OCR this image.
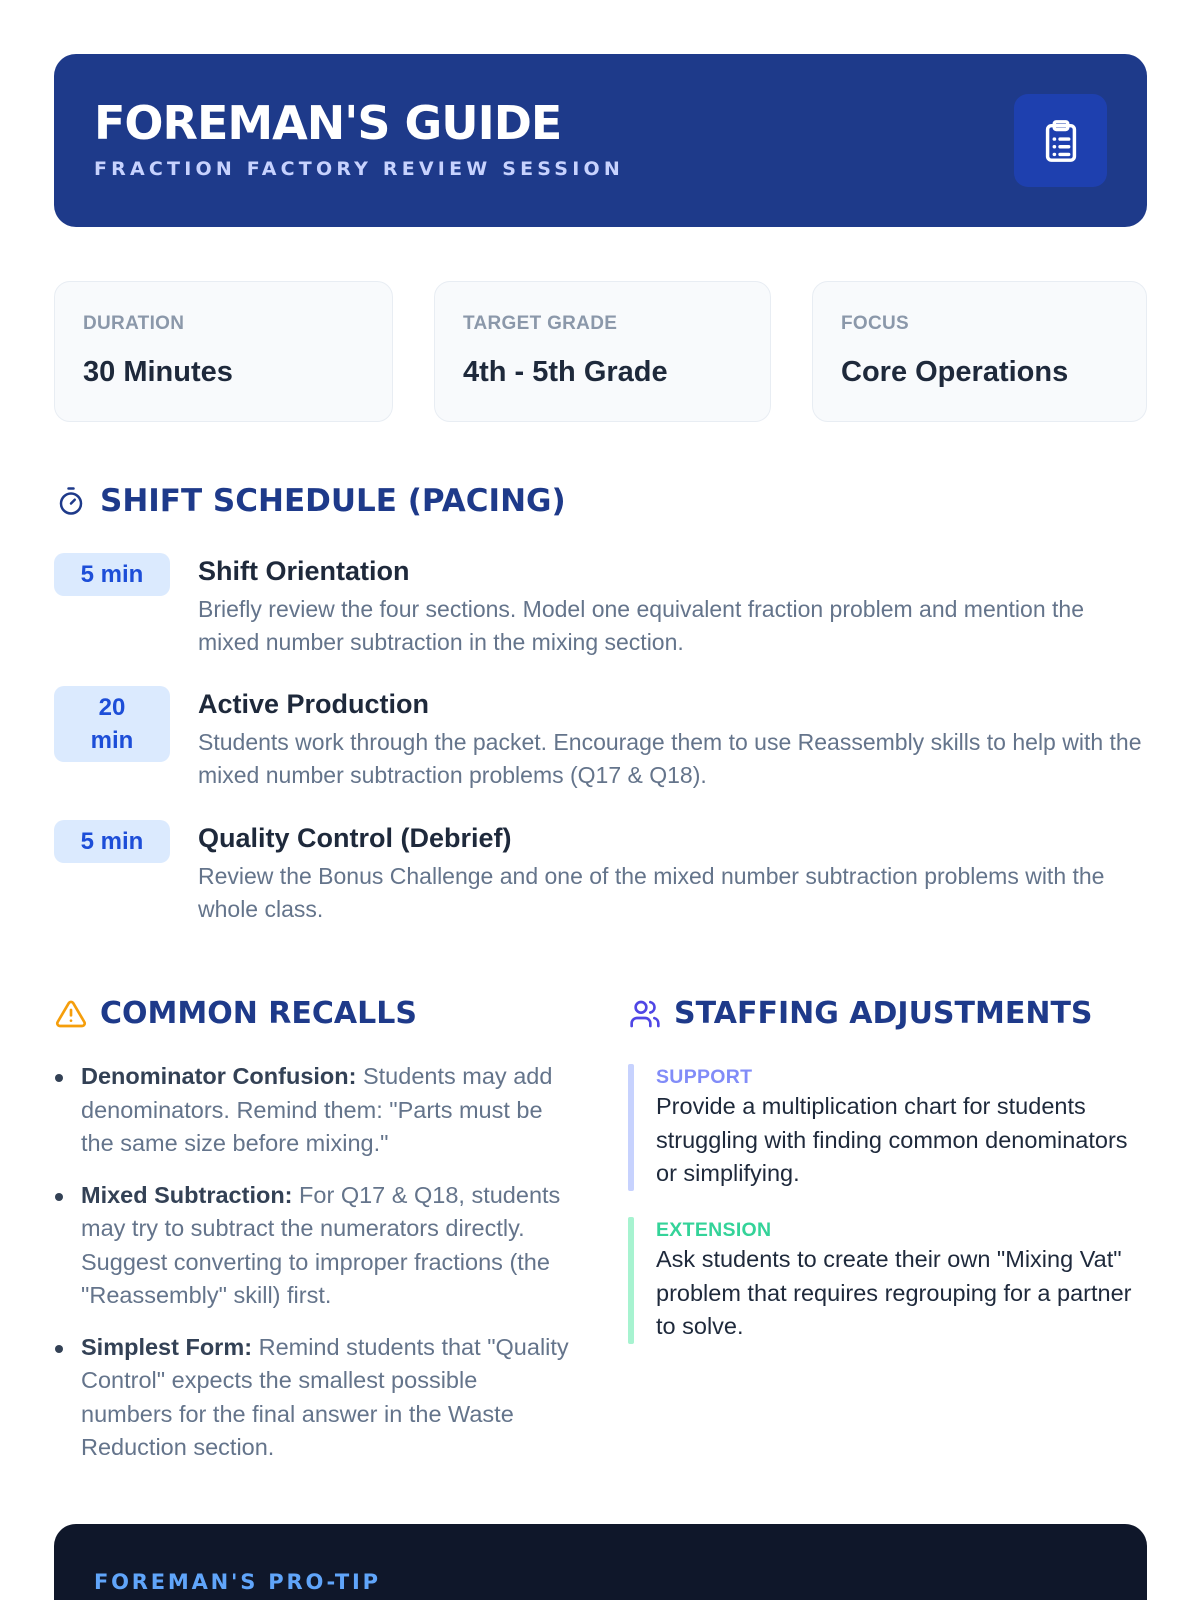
FOREMAN'S GUIDE
FRACTION FACTORY REVIEW SESSION
DURATION
30 Minutes
TARGET GRADE
4th - 5th Grade
FOCUS
Core Operations
SHIFT SCHEDULE (PACING)
5 min	Shift Orientation
Briefly review the four sections. Model one equivalent fraction problem and mention the mixed number subtraction in the mixing section.
20 min
Active Production
Students work through the packet. Encourage them to use Reassembly skills to help with the mixed number subtraction problems (Q17 & Q18).
5 min	Quality Control (Debrief)
Review the Bonus Challenge and one of the mixed number subtraction problems with the whole class.
COMMON RECALLS
Denominator Confusion: Students may add denominators. Remind them: "Parts must be the same size before mixing."
Mixed Subtraction: For Q17 & Q18, students may try to subtract the numerators directly. Suggest converting to improper fractions (the "Reassembly" skill) first.
Simplest Form: Remind students that "Quality Control" expects the smallest possible numbers for the final answer in the Waste Reduction section.
STAFFING ADJUSTMENTS
SUPPORT
Provide a multiplication chart for students struggling with finding common denominators or simplifying.
EXTENSION
Ask students to create their own "Mixing Vat" problem that requires regrouping for a partner to solve.
FOREMAN'S PRO-TIP
